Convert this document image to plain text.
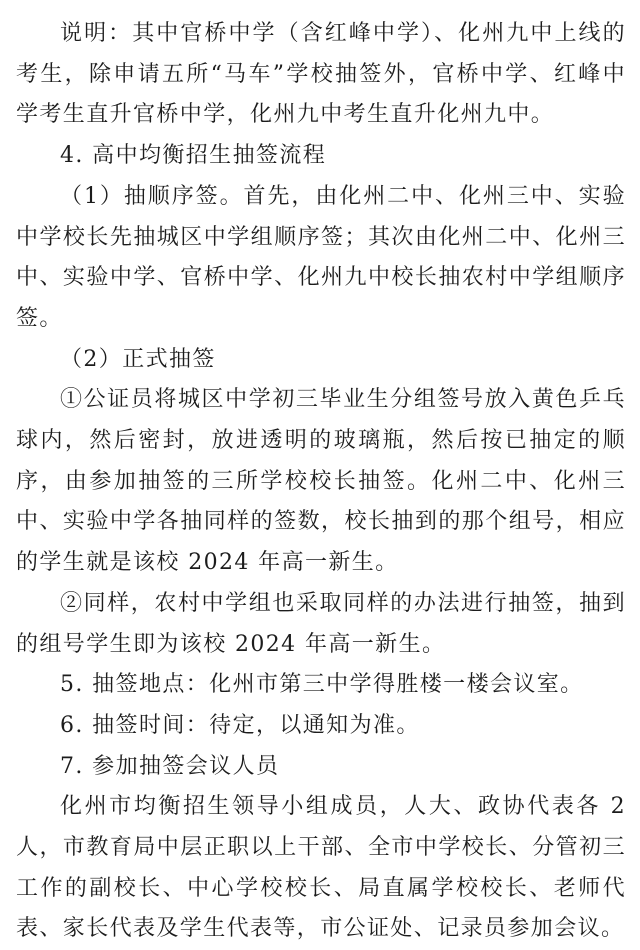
说明：其中官桥中学（含红峰中学）、化州九中上线的考生，除申请五所“马车”学校抽签外，官桥中学、红峰中学考生直升官桥中学，化州九中考生直升化州九中。

4. 高中均衡招生抽签流程

（1）抽顺序签。首先，由化州二中、化州三中、实验中学校长先抽城区中学组顺序签；其次由化州二中、化州三中、实验中学、官桥中学、化州九中校长抽农村中学组顺序签。

（2）正式抽签

①公证员将城区中学初三毕业生分组签号放入黄色乒乓球内，然后密封，放进透明的玻璃瓶，然后按已抽定的顺序，由参加抽签的三所学校校长抽签。化州二中、化州三中、实验中学各抽同样的签数，校长抽到的那个组号，相应的学生就是该校 2024 年高一新生。

②同样，农村中学组也采取同样的办法进行抽签，抽到的组号学生即为该校 2024 年高一新生。

5. 抽签地点：化州市第三中学得胜楼一楼会议室。

6. 抽签时间：待定，以通知为准。

7. 参加抽签会议人员

化州市均衡招生领导小组成员，人大、政协代表各 2 人，市教育局中层正职以上干部、全市中学校长、分管初三工作的副校长、中心学校校长、局直属学校校长、老师代表、家长代表及学生代表等，市公证处、记录员参加会议。
